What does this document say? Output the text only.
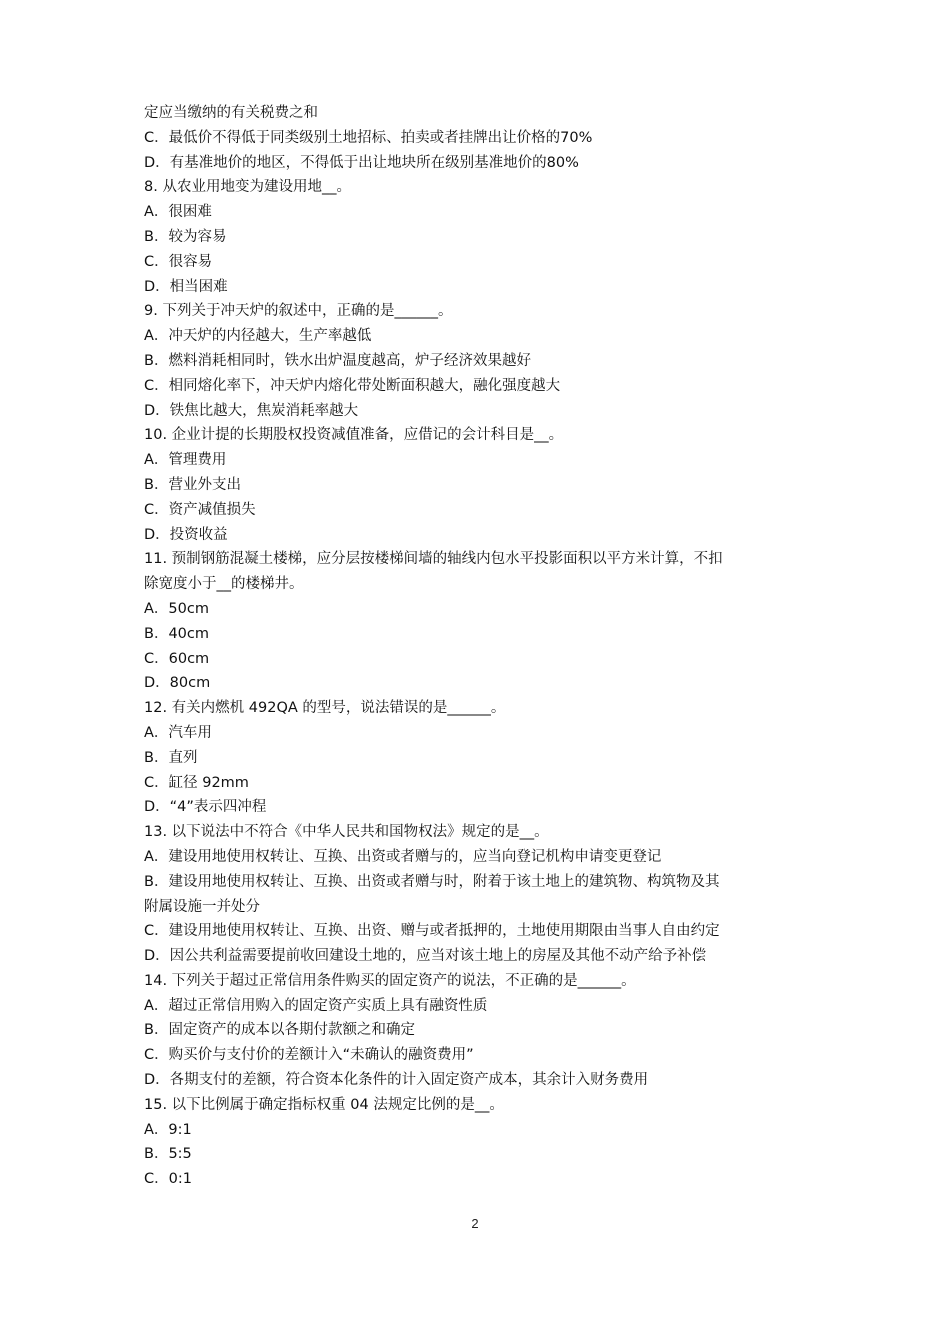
定应当缴纳的有关税费之和
C．最低价不得低于同类级别土地招标、拍卖或者挂牌出让价格的70%
D．有基准地价的地区，不得低于出让地块所在级别基准地价的80%
8. 从农业用地变为建设用地__。
A．很困难
B．较为容易
C．很容易
D．相当困难
9. 下列关于冲天炉的叙述中，正确的是______。
A．冲天炉的内径越大，生产率越低
B．燃料消耗相同时，铁水出炉温度越高，炉子经济效果越好
C．相同熔化率下，冲天炉内熔化带处断面积越大，融化强度越大
D．铁焦比越大，焦炭消耗率越大
10. 企业计提的长期股权投资减值准备，应借记的会计科目是__。
A．管理费用
B．营业外支出
C．资产减值损失
D．投资收益
11. 预制钢筋混凝土楼梯，应分层按楼梯间墙的轴线内包水平投影面积以平方米计算，不扣
除宽度小于__的楼梯井。
A．50cm
B．40cm
C．60cm
D．80cm
12. 有关内燃机 492QA 的型号，说法错误的是______。
A．汽车用
B．直列
C．缸径 92mm
D．“4”表示四冲程
13. 以下说法中不符合《中华人民共和国物权法》规定的是__。
A．建设用地使用权转让、互换、出资或者赠与的，应当向登记机构申请变更登记
B．建设用地使用权转让、互换、出资或者赠与时，附着于该土地上的建筑物、构筑物及其
附属设施一并处分
C．建设用地使用权转让、互换、出资、赠与或者抵押的，土地使用期限由当事人自由约定
D．因公共利益需要提前收回建设土地的，应当对该土地上的房屋及其他不动产给予补偿
14. 下列关于超过正常信用条件购买的固定资产的说法，不正确的是______。
A．超过正常信用购入的固定资产实质上具有融资性质
B．固定资产的成本以各期付款额之和确定
C．购买价与支付价的差额计入“未确认的融资费用”
D．各期支付的差额，符合资本化条件的计入固定资产成本，其余计入财务费用
15. 以下比例属于确定指标权重 04 法规定比例的是__。
A．9:1
B．5:5
C．0:1
2
